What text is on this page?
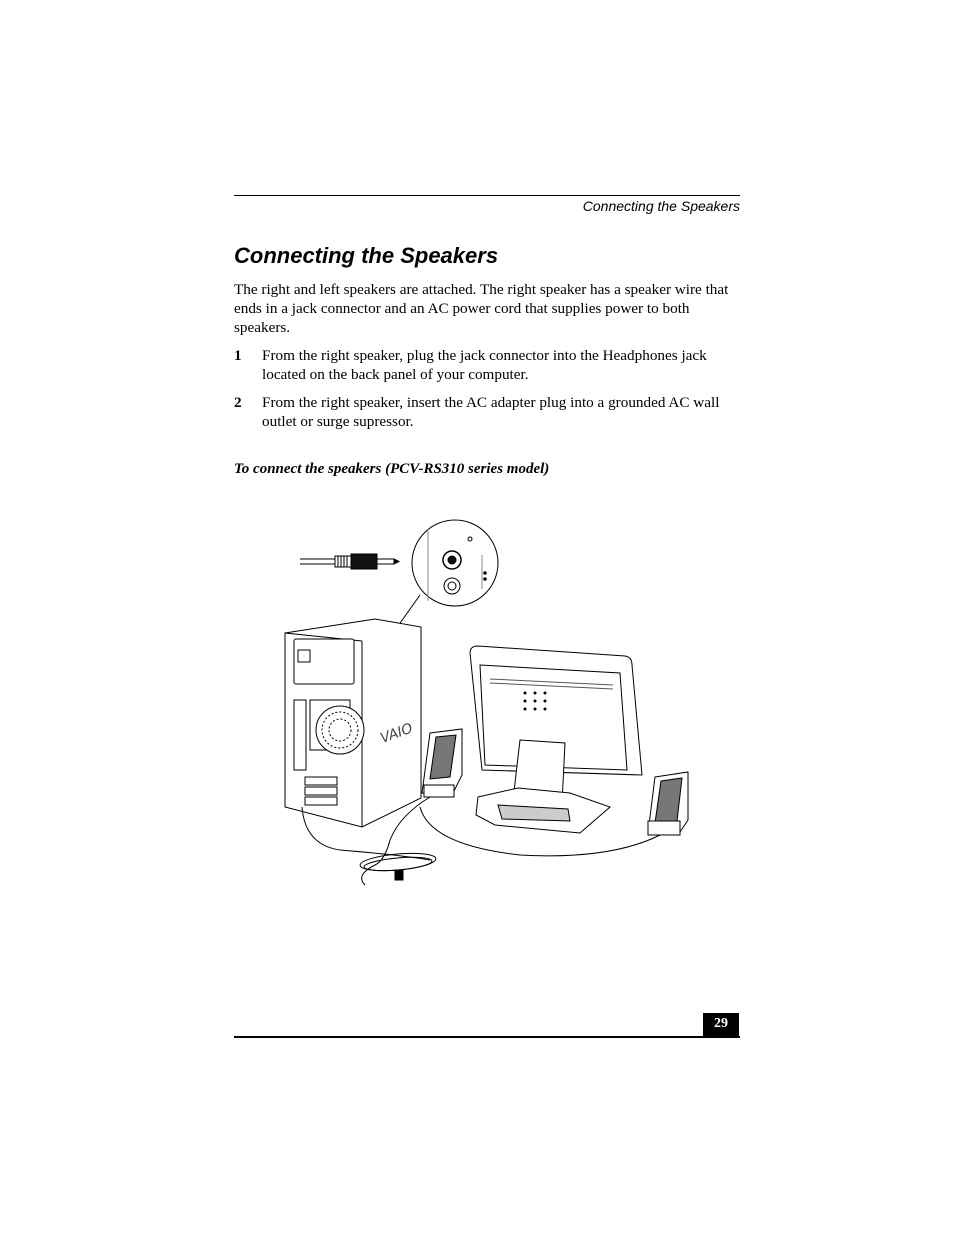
Connecting the Speakers
Connecting the Speakers

The right and left speakers are attached. The right speaker has a speaker wire that ends in a jack connector and an AC power cord that supplies power to both speakers.

1 From the right speaker, plug the jack connector into the Headphones jack located on the back panel of your computer.
2 From the right speaker, insert the AC adapter plug into a grounded AC wall outlet or surge supressor.

To connect the speakers (PCV-RS310 series model)

VAIO
29
